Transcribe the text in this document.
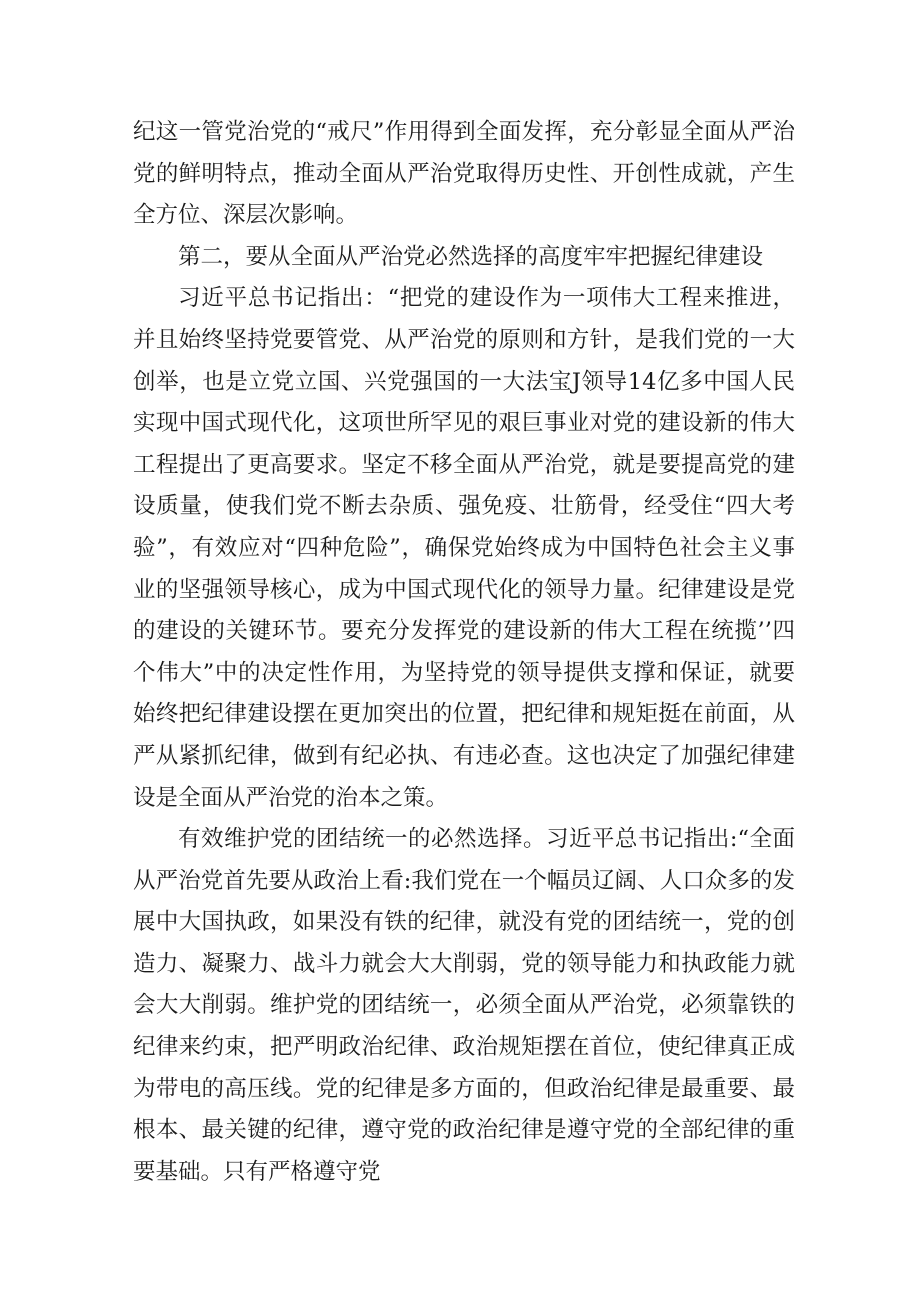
纪这一管党治党的“戒尺”作用得到全面发挥，充分彰显全面从严治党的鲜明特点，推动全面从严治党取得历史性、开创性成就，产生全方位、深层次影响。

第二，要从全面从严治党必然选择的高度牢牢把握纪律建设

习近平总书记指出：“把党的建设作为一项伟大工程来推进，并且始终坚持党要管党、从严治党的原则和方针，是我们党的一大创举，也是立党立国、兴党强国的一大法宝J领导14亿多中国人民实现中国式现代化，这项世所罕见的艰巨事业对党的建设新的伟大工程提出了更高要求。坚定不移全面从严治党，就是要提高党的建设质量，使我们党不断去杂质、强免疫、壮筋骨，经受住“四大考验”，有效应对“四种危险”，确保党始终成为中国特色社会主义事业的坚强领导核心，成为中国式现代化的领导力量。纪律建设是党的建设的关键环节。要充分发挥党的建设新的伟大工程在统揽’’四个伟大”中的决定性作用，为坚持党的领导提供支撑和保证，就要始终把纪律建设摆在更加突出的位置，把纪律和规矩挺在前面，从严从紧抓纪律，做到有纪必执、有违必查。这也决定了加强纪律建设是全面从严治党的治本之策。

有效维护党的团结统一的必然选择。习近平总书记指出:“全面从严治党首先要从政治上看:我们党在一个幅员辽阔、人口众多的发展中大国执政，如果没有铁的纪律，就没有党的团结统一，党的创造力、凝聚力、战斗力就会大大削弱，党的领导能力和执政能力就会大大削弱。维护党的团结统一，必须全面从严治党，必须靠铁的纪律来约束，把严明政治纪律、政治规矩摆在首位，使纪律真正成为带电的高压线。党的纪律是多方面的，但政治纪律是最重要、最根本、最关键的纪律，遵守党的政治纪律是遵守党的全部纪律的重要基础。只有严格遵守党
